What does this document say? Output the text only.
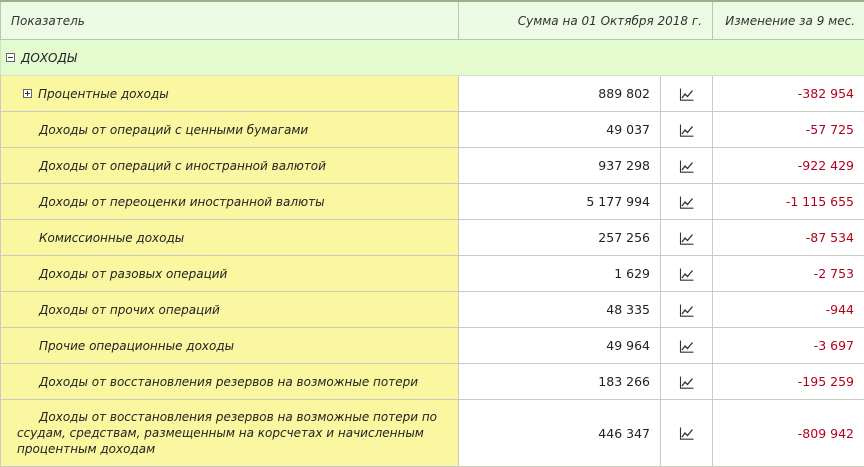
Показатель	Сумма на 01 Октября 2018 г.		Изменение за 9 мес.

ДОХОДЫ			

Процентные доходы	889 802		-382 954
Доходы от операций с ценными бумагами	49 037		-57 725
Доходы от операций с иностранной валютой	937 298		-922 429
Доходы от переоценки иностранной валюты	5 177 994		-1 115 655
Комиссионные доходы	257 256		-87 534
Доходы от разовых операций	1 629		-2 753
Доходы от прочих операций	48 335		-944
Прочие операционные доходы	49 964		-3 697
Доходы от восстановления резервов на возможные потери	183 266		-195 259

Доходы от восстановления резервов на возможные потери по
ссудам, средствам, размещенным на корсчетах и начисленным
процентным доходам	446 347		-809 942
